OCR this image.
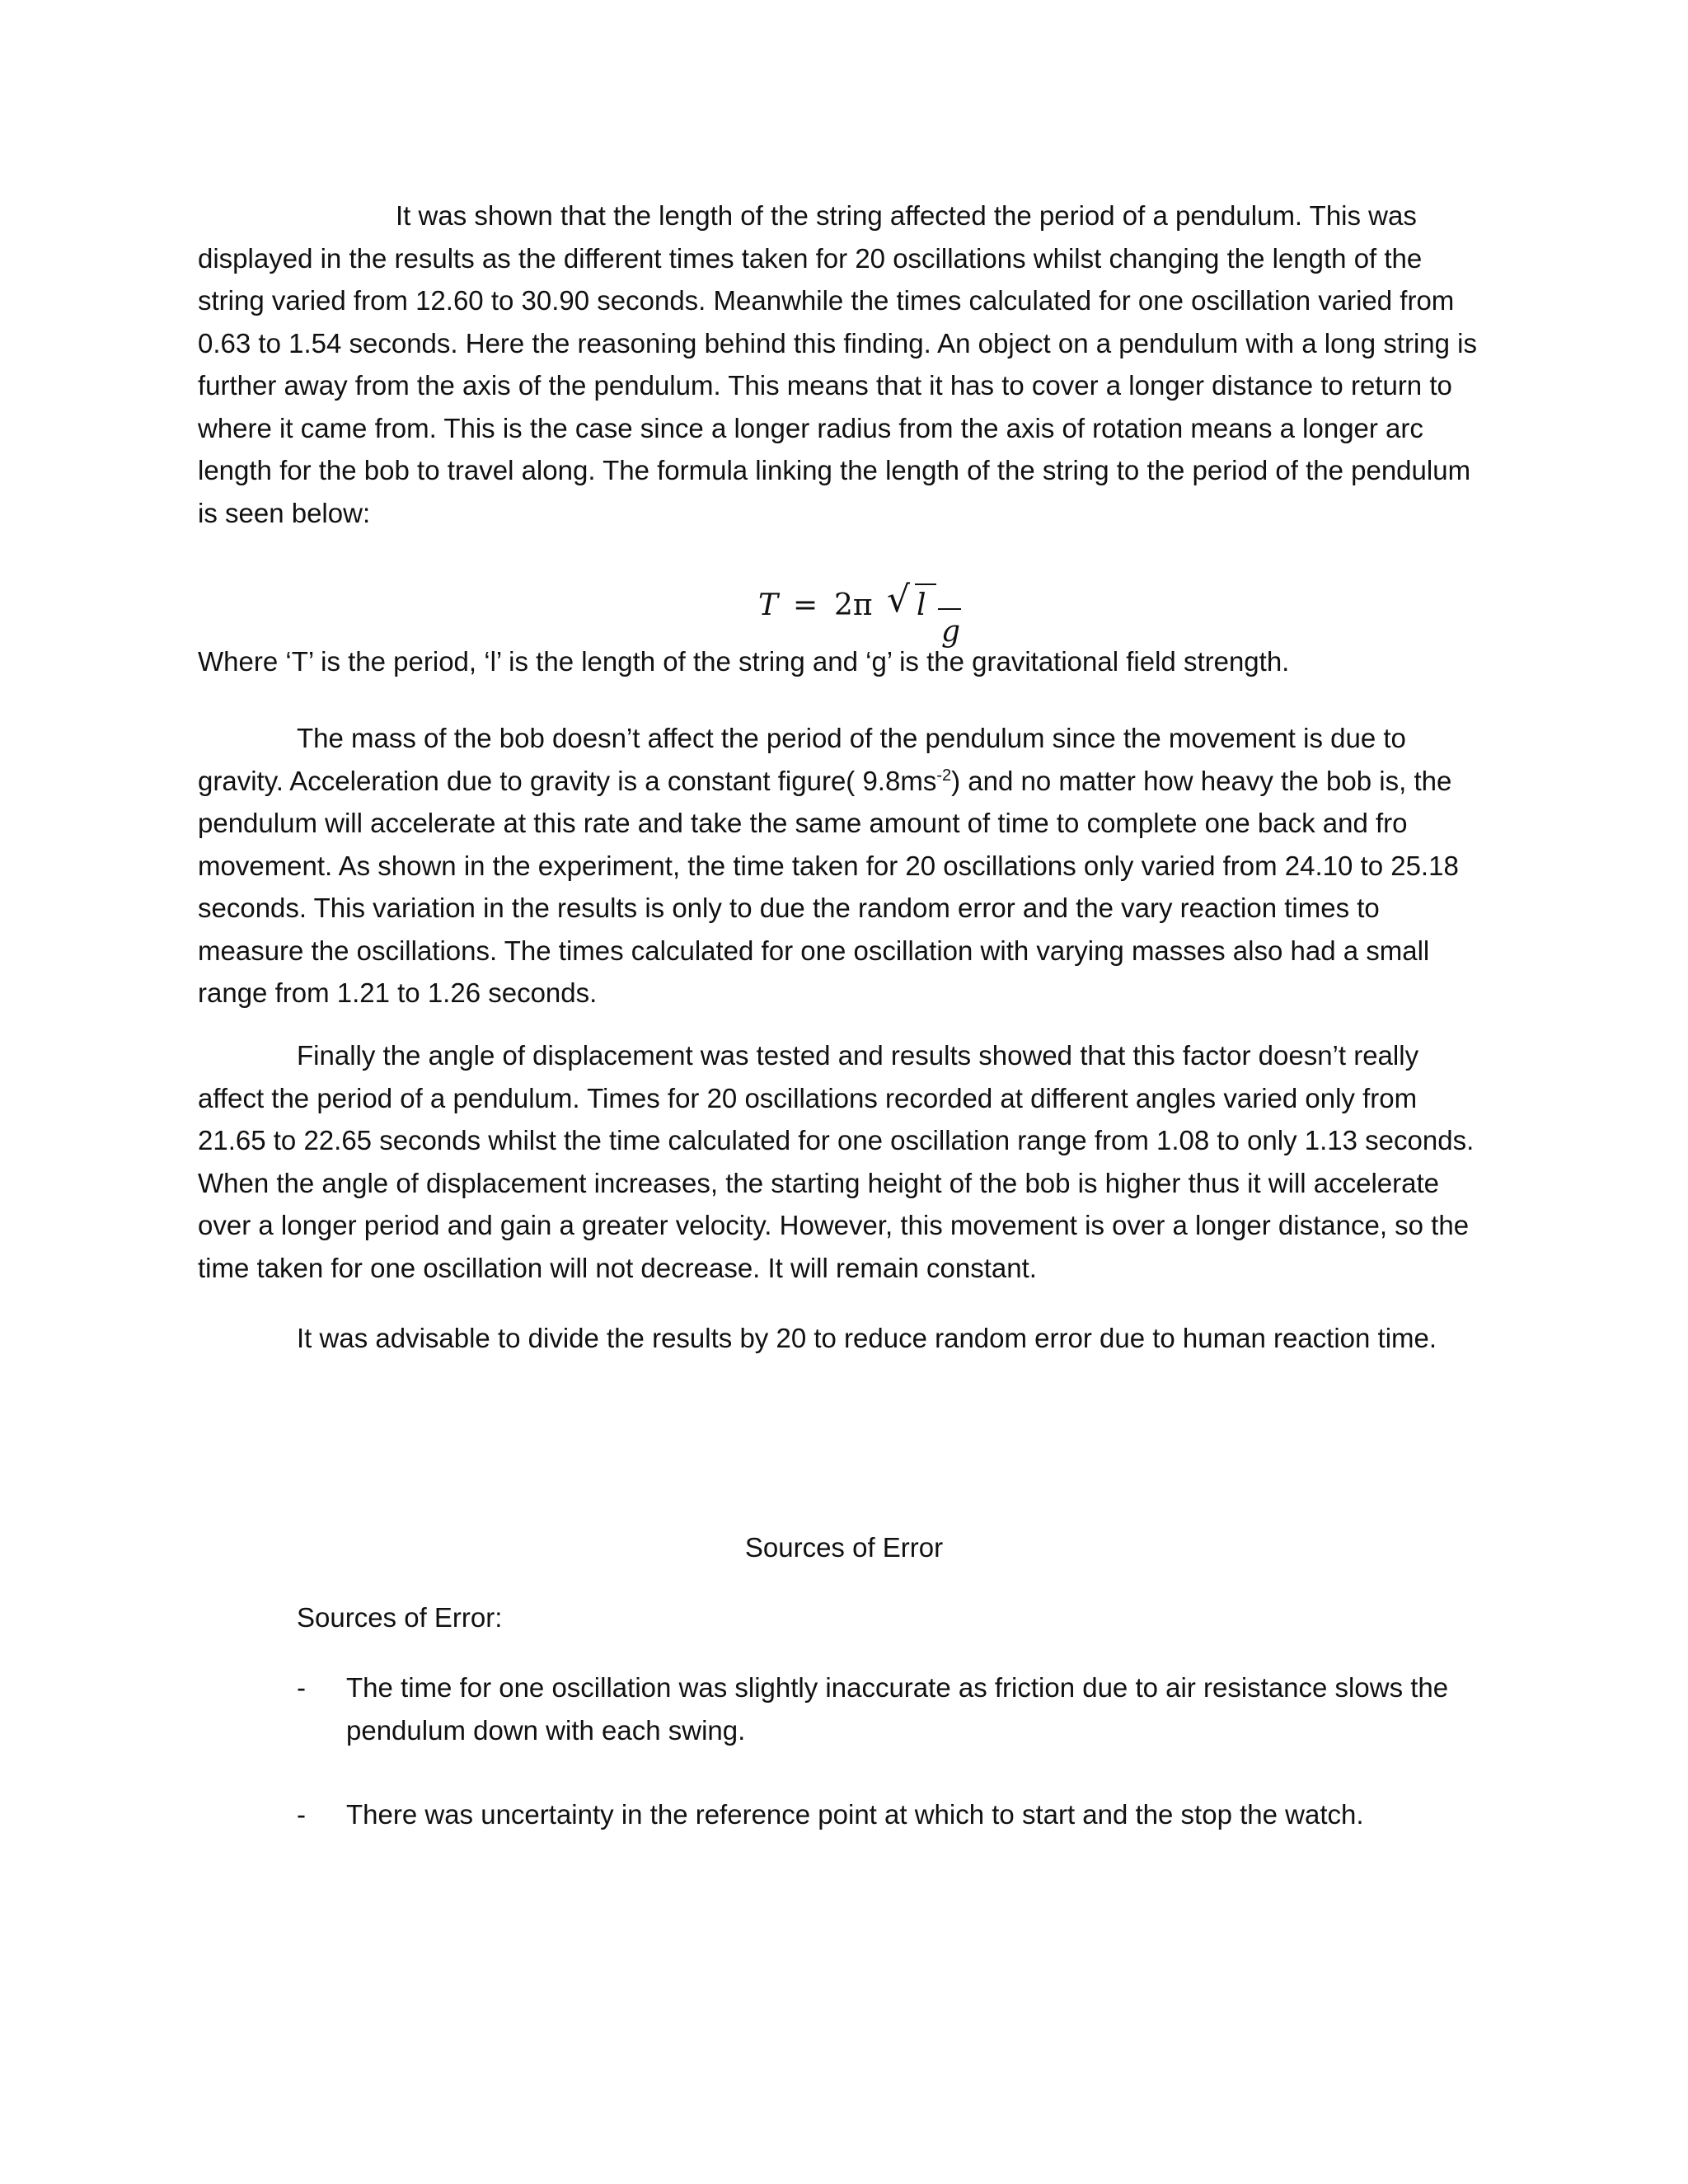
It was shown that the length of the string affected the period of a pendulum. This was displayed in the results as the different times taken for 20 oscillations whilst changing the length of the string varied from 12.60 to 30.90 seconds. Meanwhile the times calculated for one oscillation varied from 0.63 to 1.54 seconds. Here the reasoning behind this finding. An object on a pendulum with a long string is further away from the axis of the pendulum. This means that it has to cover a longer distance to return to where it came from. This is the case since a longer radius from the axis of rotation means a longer arc length for the bob to travel along. The formula linking the length of the string to the period of the pendulum is seen below:

T = 2π √ l
g

Where ‘T’ is the period, ‘l’ is the length of the string and ‘g’ is the gravitational field strength.

The mass of the bob doesn’t affect the period of the pendulum since the movement is due to gravity. Acceleration due to gravity is a constant figure( $9.8ms^{-2}$) and no matter how heavy the bob is, the pendulum will accelerate at this rate and take the same amount of time to complete one back and fro movement. As shown in the experiment, the time taken for 20 oscillations only varied from 24.10 to 25.18 seconds. This variation in the results is only to due the random error and the vary reaction times to measure the oscillations. The times calculated for one oscillation with varying masses also had a small range from 1.21 to 1.26 seconds.

Finally the angle of displacement was tested and results showed that this factor doesn’t really affect the period of a pendulum. Times for 20 oscillations recorded at different angles varied only from 21.65 to 22.65 seconds whilst the time calculated for one oscillation range from 1.08 to only 1.13 seconds. When the angle of displacement increases, the starting height of the bob is higher thus it will accelerate over a longer period and gain a greater velocity. However, this movement is over a longer distance, so the time taken for one oscillation will not decrease. It will remain constant.

It was advisable to divide the results by 20 to reduce random error due to human reaction time.

Sources of Error
Sources of Error:
- The time for one oscillation was slightly inaccurate as friction due to air resistance slows the pendulum down with each swing.
- There was uncertainty in the reference point at which to start and the stop the watch.
